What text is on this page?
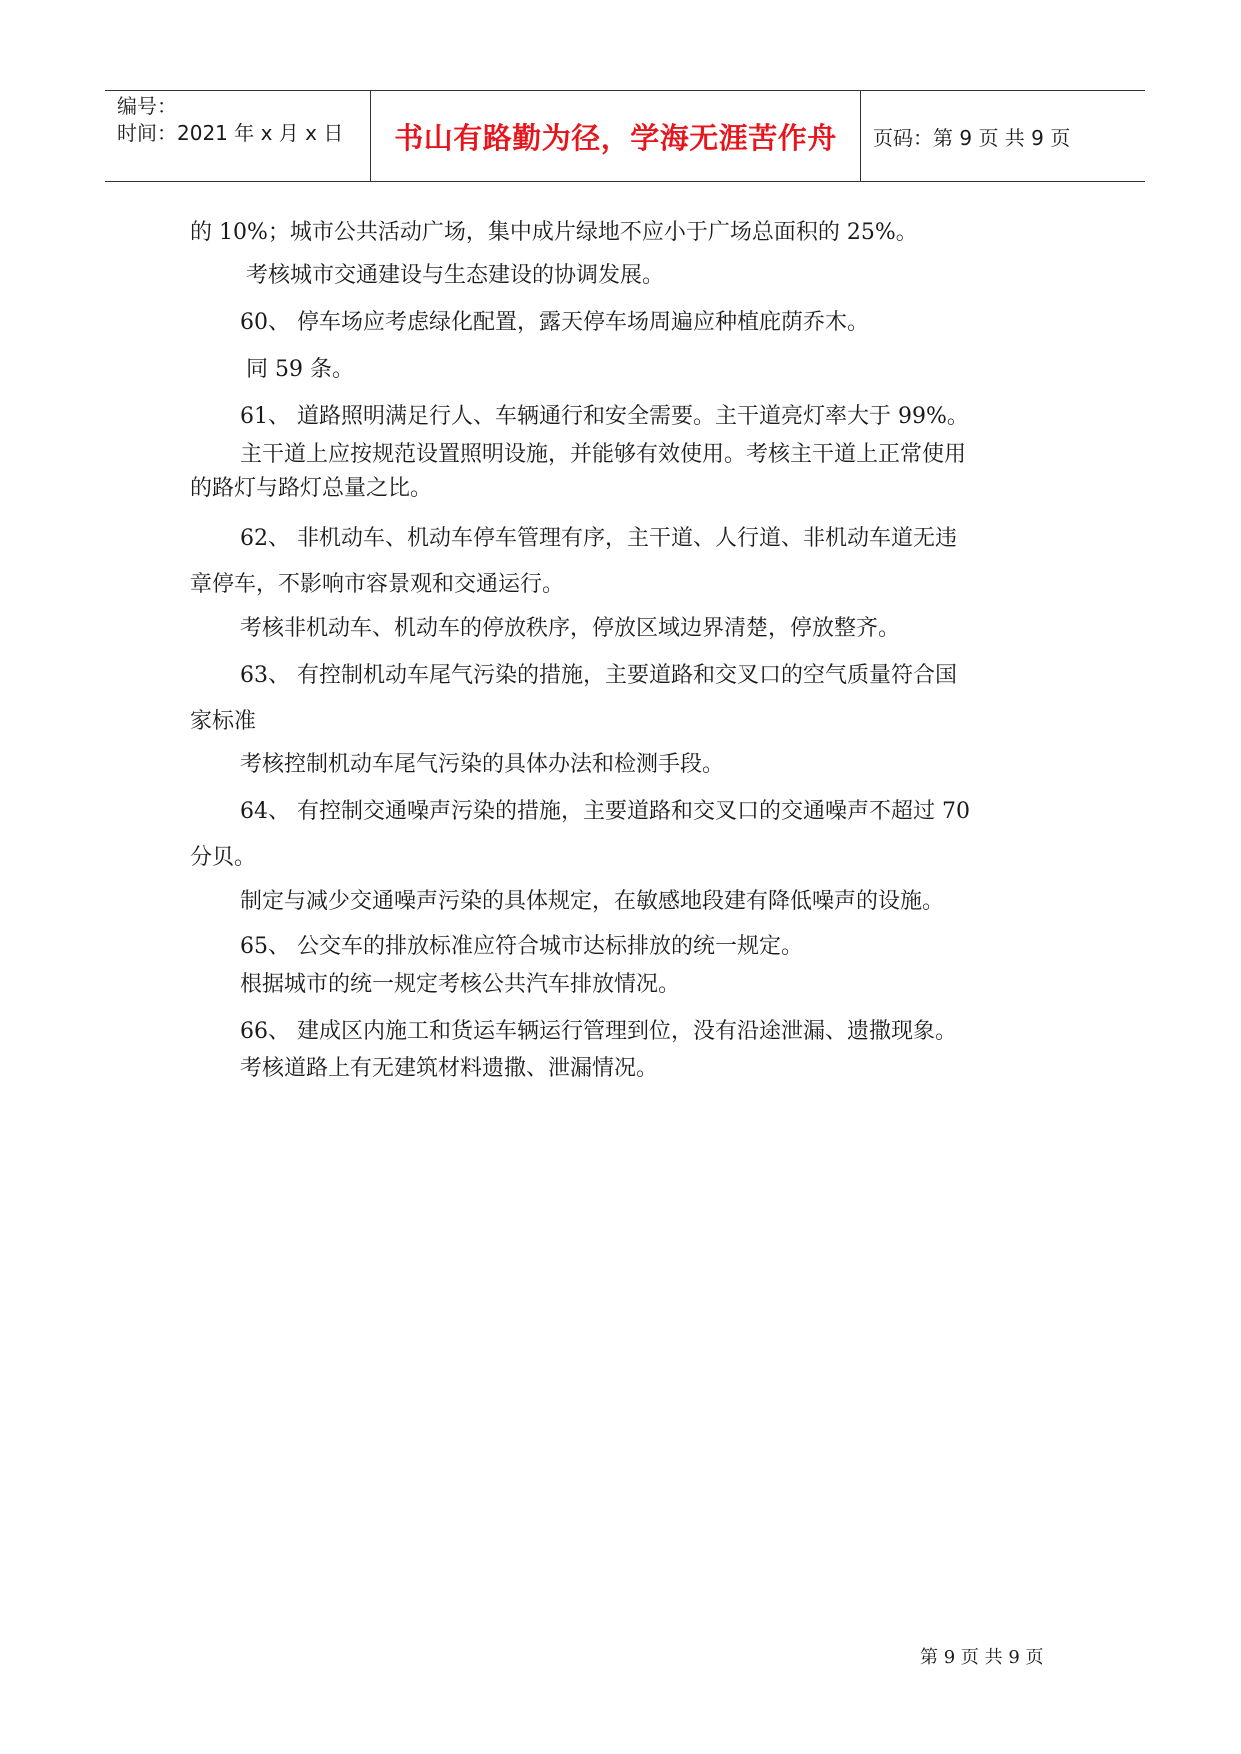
编号：
时间：2021 年 x 月 x 日	书山有路勤为径，学海无涯苦作舟	页码：第 9 页 共 9 页
的 10%；城市公共活动广场，集中成片绿地不应小于广场总面积的 25%。
考核城市交通建设与生态建设的协调发展。
60、 停车场应考虑绿化配置，露天停车场周遍应种植庇荫乔木。
同 59 条。
61、 道路照明满足行人、车辆通行和安全需要。主干道亮灯率大于 99%。
主干道上应按规范设置照明设施，并能够有效使用。考核主干道上正常使用
的路灯与路灯总量之比。
62、 非机动车、机动车停车管理有序，主干道、人行道、非机动车道无违
章停车，不影响市容景观和交通运行。
考核非机动车、机动车的停放秩序，停放区域边界清楚，停放整齐。
63、 有控制机动车尾气污染的措施，主要道路和交叉口的空气质量符合国
家标准
考核控制机动车尾气污染的具体办法和检测手段。
64、 有控制交通噪声污染的措施，主要道路和交叉口的交通噪声不超过 70
分贝。
制定与减少交通噪声污染的具体规定，在敏感地段建有降低噪声的设施。
65、 公交车的排放标准应符合城市达标排放的统一规定。
根据城市的统一规定考核公共汽车排放情况。
66、 建成区内施工和货运车辆运行管理到位，没有沿途泄漏、遗撒现象。
考核道路上有无建筑材料遗撒、泄漏情况。
第 9 页 共 9 页
